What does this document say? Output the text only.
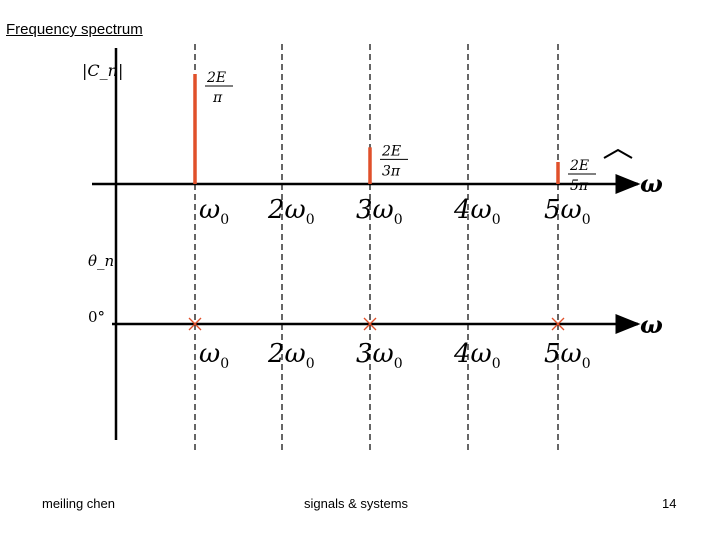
Frequency spectrum
|C_n|
θ_n
0°
ω
ω
2E
π
2E
3π	2E
5π
$\omega_0$ $2\omega_0$ $3\omega_0$ $4\omega_0$ $5\omega_0$
$\omega_0$ $2\omega_0$ $3\omega_0$ $4\omega_0$ $5\omega_0$
meiling chen	signals & systems	14
